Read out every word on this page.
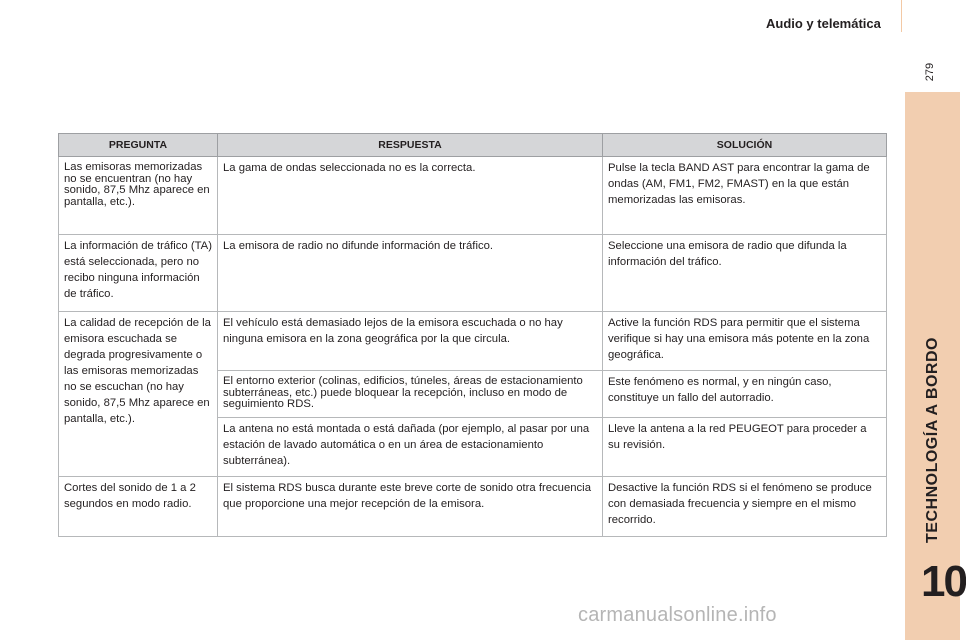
Audio y telemática
279
TECHNOLOGÍA A BORDO
10
PREGUNTA	RESPUESTA	SOLUCIÓN
Las emisoras memorizadas no se encuentran (no hay sonido, 87,5 Mhz aparece en pantalla, etc.).	La gama de ondas seleccionada no es la correcta.	Pulse la tecla BAND AST para encontrar la gama de ondas (AM, FM1, FM2, FMAST) en la que están memorizadas las emisoras.
La información de tráfico (TA) está seleccionada, pero no recibo ninguna información de tráfico.	La emisora de radio no difunde información de tráfico.	Seleccione una emisora de radio que difunda la información del tráfico.
La calidad de recepción de la emisora escuchada se degrada progresivamente o las emisoras memorizadas no se escuchan (no hay sonido, 87,5 Mhz aparece en pantalla, etc.).	El vehículo está demasiado lejos de la emisora escuchada o no hay ninguna emisora en la zona geográfica por la que circula.	Active la función RDS para permitir que el sistema verifique si hay una emisora más potente en la zona geográfica.
	El entorno exterior (colinas, edificios, túneles, áreas de estacionamiento subterráneas, etc.) puede bloquear la recepción, incluso en modo de seguimiento RDS.	Este fenómeno es normal, y en ningún caso, constituye un fallo del autorradio.
	La antena no está montada o está dañada (por ejemplo, al pasar por una estación de lavado automática o en un área de estacionamiento subterránea).	Lleve la antena a la red PEUGEOT para proceder a su revisión.
Cortes del sonido de 1 a 2 segundos en modo radio.	El sistema RDS busca durante este breve corte de sonido otra frecuencia que proporcione una mejor recepción de la emisora.	Desactive la función RDS si el fenómeno se produce con demasiada frecuencia y siempre en el mismo recorrido.
carmanualsonline.info
